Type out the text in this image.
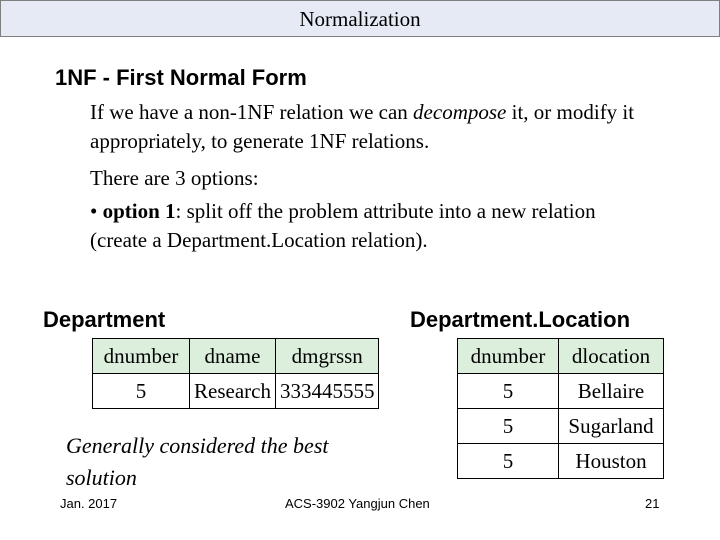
Normalization
1NF - First Normal Form
If we have a non-1NF relation we can decompose it, or modify it appropriately, to generate 1NF relations.
There are 3 options:
• option 1: split off the problem attribute into a new relation (create a Department.Location relation).
Department
dnumber	dname	dmgrssn
5	Research	333445555
Department.Location
dnumber	dlocation
5	Bellaire
5	Sugarland
5	Houston
Generally considered the best solution
Jan. 2017	ACS-3902 Yangjun Chen	21
